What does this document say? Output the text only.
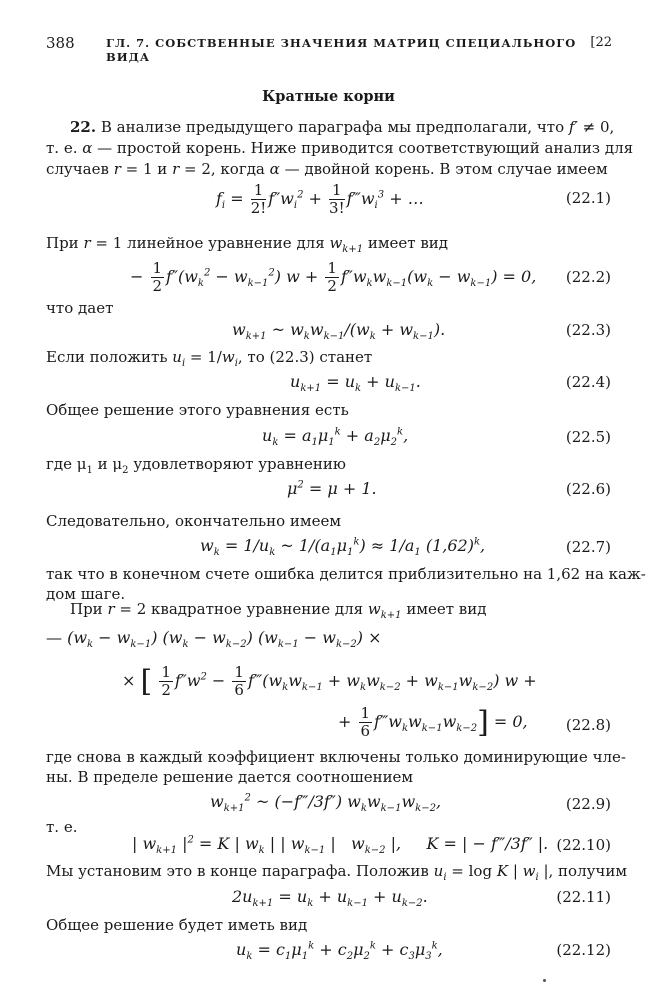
388	ГЛ. 7. СОБСТВЕННЫЕ ЗНАЧЕНИЯ МАТРИЦ СПЕЦИАЛЬНОГО ВИДА
[22
Кратные корни
22. В анализе предыдущего параграфа мы предполагали, что f′ ≠ 0,
т. е. α — простой корень. Ниже приводится соответствующий анализ для
случаев r = 1 и r = 2, когда α — двойной корень. В этом случае имеем
$f_i = \frac{1}{2!} f''w_i^2 + \frac{1}{3!}$ $f‴w_i^3$ + …	(22.1)
При r = 1 линейное уравнение для $w_{k+1}$ имеет вид
− $\frac{1}{2} f''(w_k^2 - w_{k-1}^2) w + \frac{1}{2} f''w_kw_{k-1}(w_k - w_{k-1}) = 0$, (22.2)
что дает
$w_{k+1}$ ~ $w_kw_{k-1}/(w_k + w_{k-1})$.	(22.3)
Если положить $u_i = 1/w_i$, то (22.3) станет
$u_{k+1} = u_k + u_{k-1}$.	(22.4)
Общее решение этого уравнения есть
$u_k = a_1\mu_1^k + a_2\mu_2^k$,	(22.5)
где $\mu_1$ и $\mu_2$ удовлетворяют уравнению
$\mu^2 = \mu + 1$.	(22.6)
Следовательно, окончательно имеем
$w_k = 1/u_k$ ~ $1/(a_1\mu_1^k) \approx 1/a_1$ $(1,62)^k$,	(22.7)
так что в конечном счете ошибка делится приблизительно на 1,62 на каж-
дом шаге.
При r = 2 квадратное уравнение для $w_{k+1}$ имеет вид
— $(w_k - w_{k-1}) (w_k - w_{k-2}) (w_{k-1} - w_{k-2})$ ×
× [ $\frac{1}{2} f''w^2 - \frac{1}{6}$ $f‴(w_kw_{k-1} + w_kw_{k-2} + w_{k-1}w_{k-2}) w$ +
+ $\frac{1}{6}$ $f‴w_kw_{k-1}w_{k-2}] = 0$,	(22.8)
где снова в каждый коэффициент включены только доминирующие чле-
ны. В пределе решение дается соотношением
$w_{k+1}^2$ ~ (−f‴/3f″) $w_kw_{k-1}w_{k-2}$,	(22.9)
т. е.
| $w_{k+1}$ $|^2 = K$ | $w_k$ | | $w_{k-1}$ |   $w_{k-2}$ |,     K = | − f‴/3f″ |. (22.10)
Мы установим это в конце параграфа. Положив $u_i = \log K$ | $w_i$ |, получим
$2u_{k+1} = u_k + u_{k-1} + u_{k-2}$.	(22.11)
Общее решение будет иметь вид
$u_k = c_1\mu_1^k + c_2\mu_2^k + c_3\mu_3^k$,	(22.12)
